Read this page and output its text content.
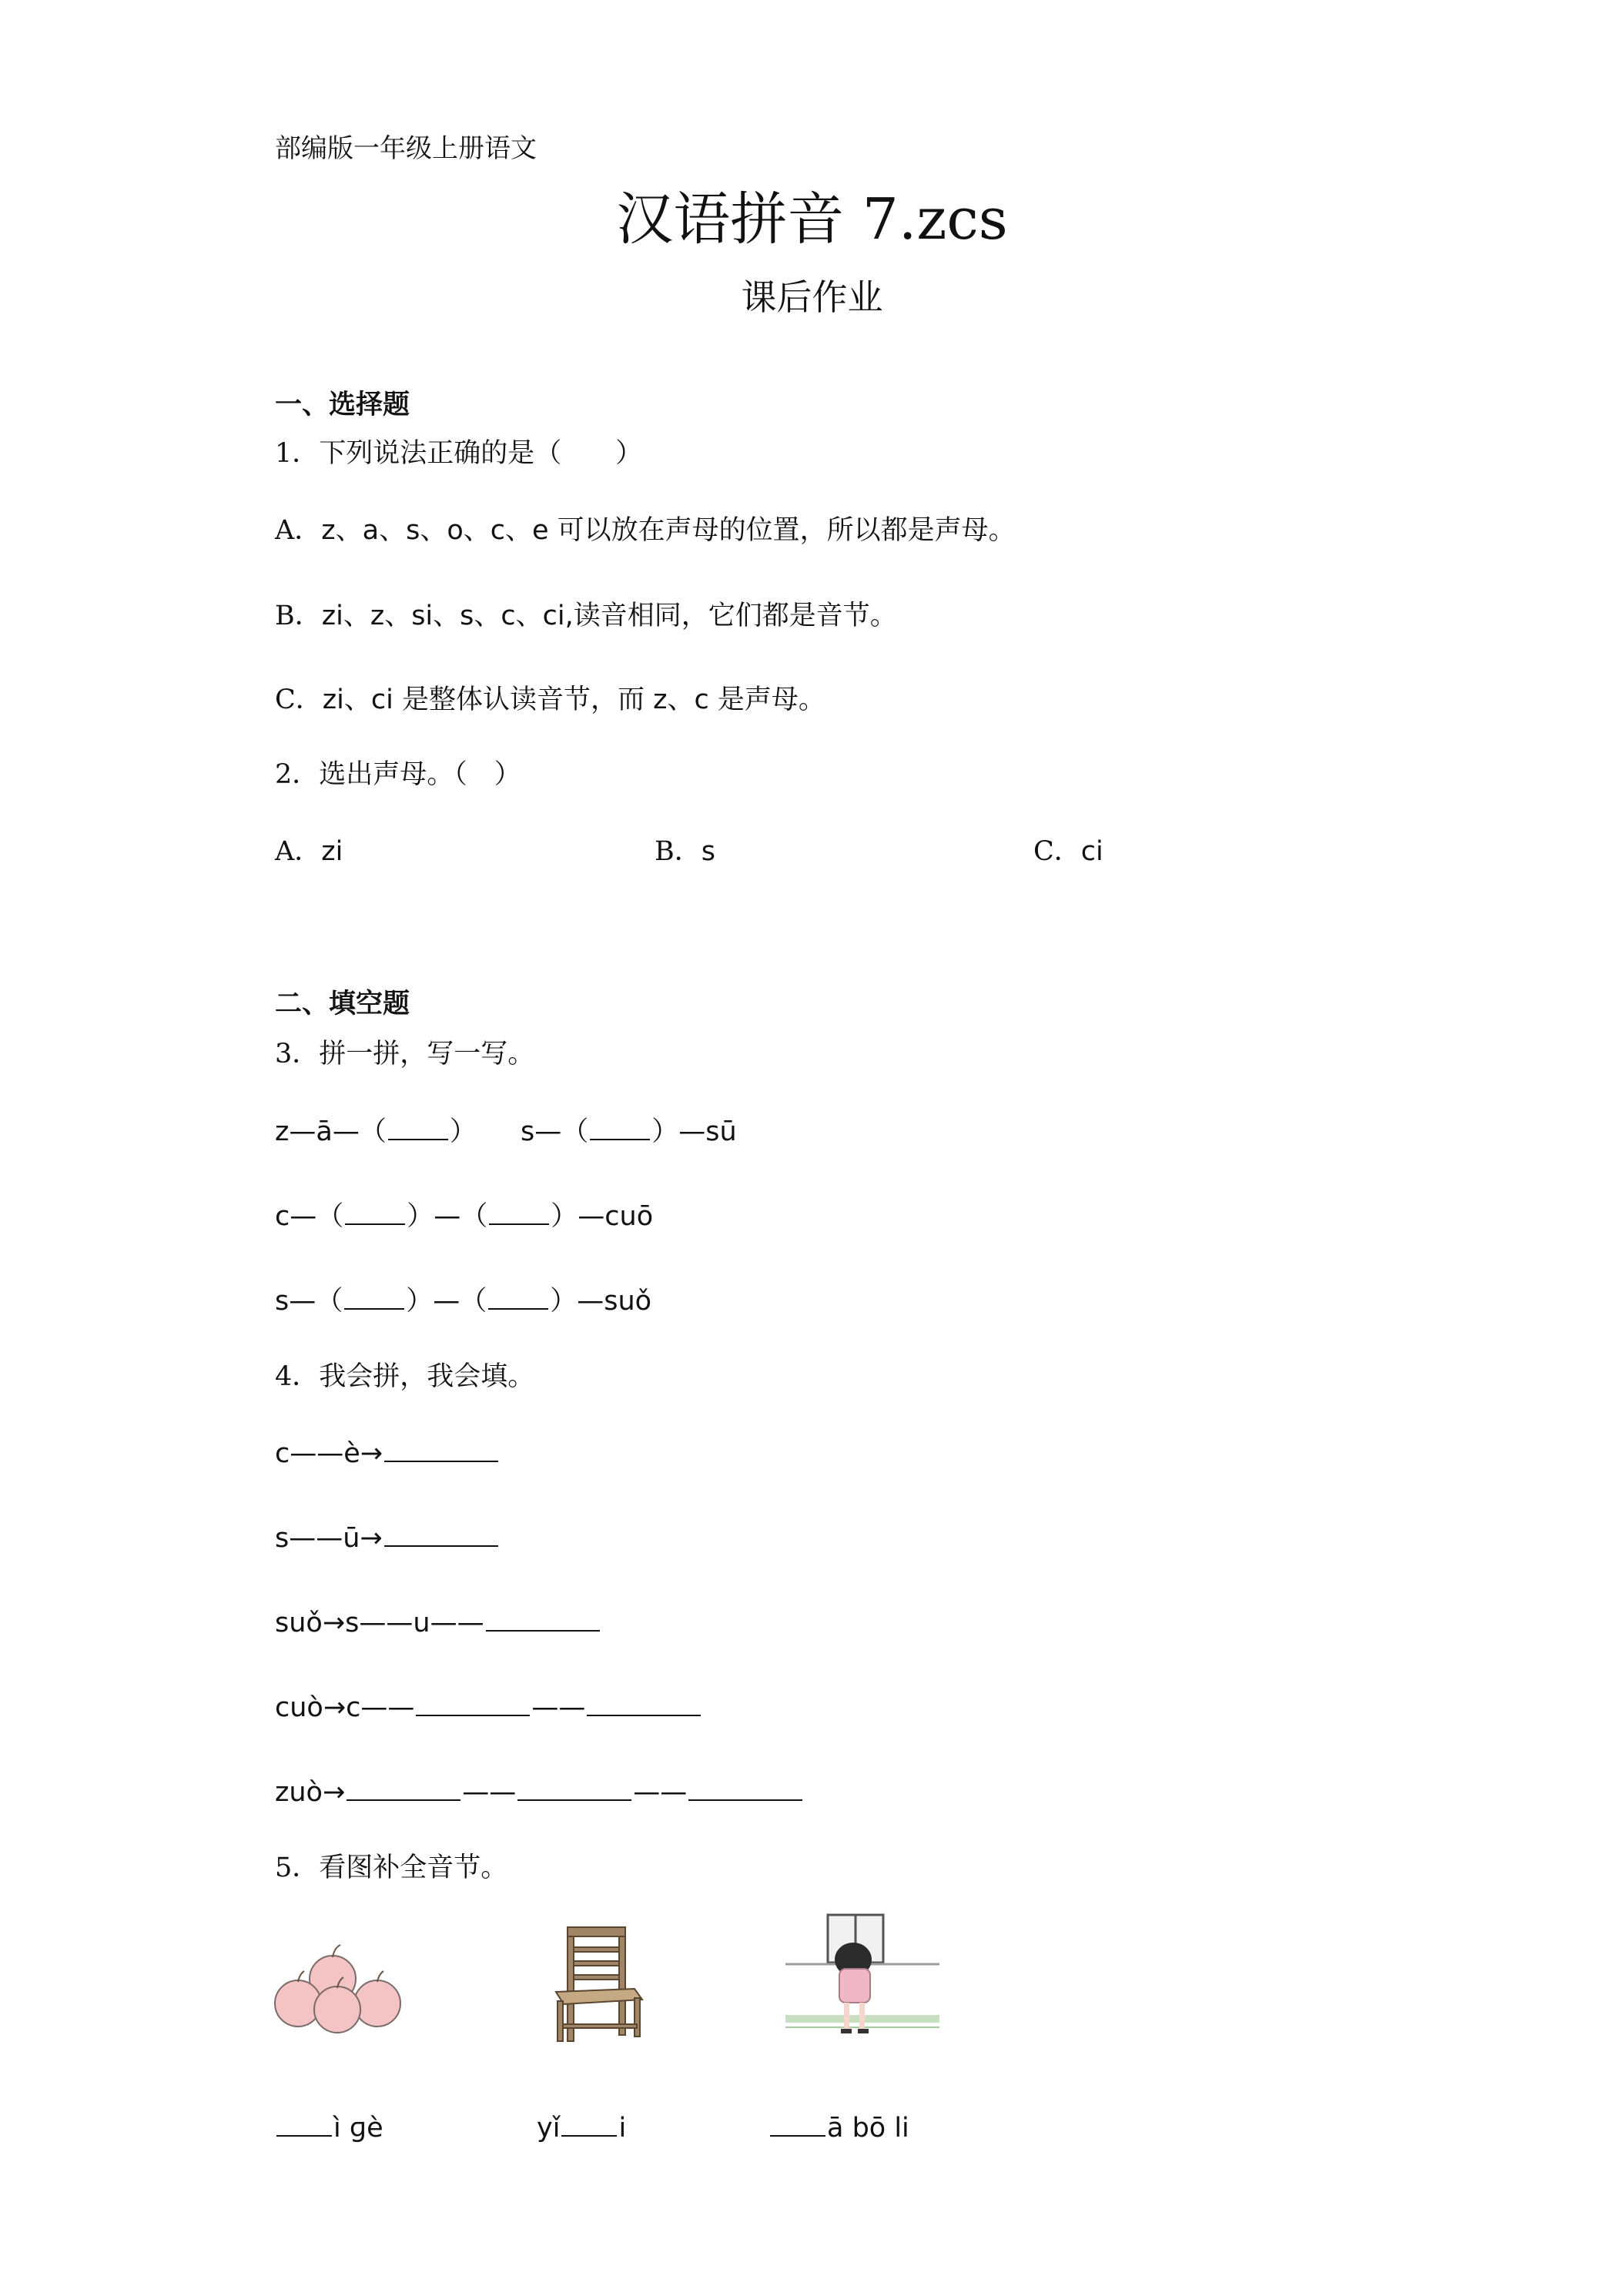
部编版一年级上册语文
汉语拼音 7.zcs
课后作业
一、选择题
1．下列说法正确的是（　　）
A．z、a、s、o、c、e 可以放在声母的位置，所以都是声母。
B．zi、z、si、s、c、ci,读音相同，它们都是音节。
C．zi、ci 是整体认读音节，而 z、c 是声母。
2．选出声母。（　）
A．zi	B．s	C．ci
二、填空题
3．拼一拼，写一写。
z—ā—（ ） s—（ ）—sū
c—（ ）—（ ）—cuō
s—（ ）—（ ）—suǒ
4．我会拼，我会填。
c——è→
s——ū→
suǒ→s——u——
cuò→c——	——
zuò→	——	——
5．看图补全音节。
ì ɡè	yǐ i	ā bō li
